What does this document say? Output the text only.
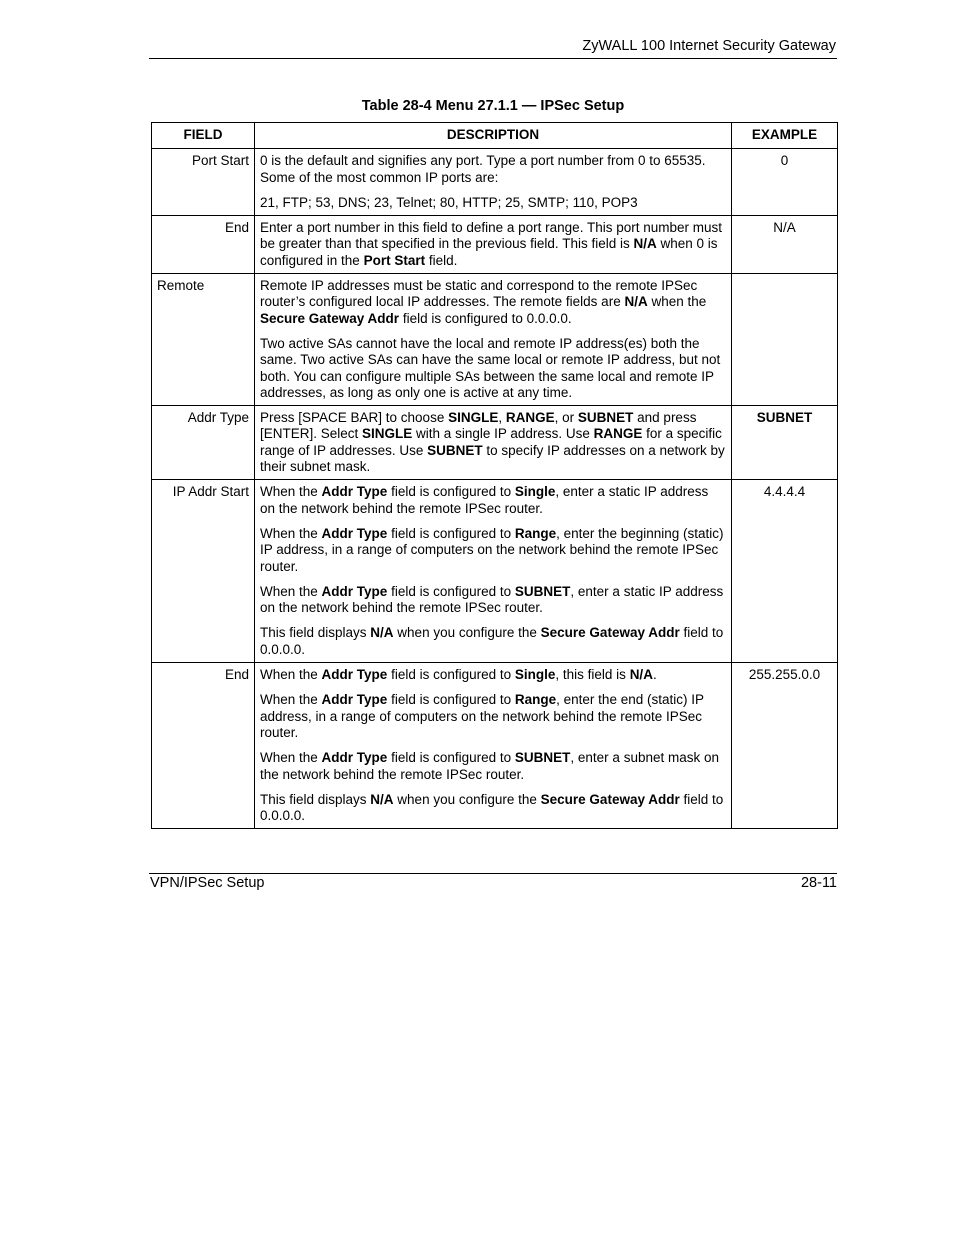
ZyWALL 100 Internet Security Gateway
Table 28-4 Menu 27.1.1 — IPSec Setup
FIELD	DESCRIPTION	EXAMPLE
Port Start	0 is the default and signifies any port. Type a port number from 0 to 65535. Some of the most common IP ports are:
21, FTP; 53, DNS; 23, Telnet; 80, HTTP; 25, SMTP; 110, POP3	0
End	Enter a port number in this field to define a port range. This port number must be greater than that specified in the previous field. This field is N/A when 0 is configured in the Port Start field.	N/A
Remote	Remote IP addresses must be static and correspond to the remote IPSec router’s configured local IP addresses. The remote fields are N/A when the Secure Gateway Addr field is configured to 0.0.0.0.
Two active SAs cannot have the local and remote IP address(es) both the same. Two active SAs can have the same local or remote IP address, but not both. You can configure multiple SAs between the same local and remote IP addresses, as long as only one is active at any time.	

Addr Type	Press [SPACE BAR] to choose SINGLE, RANGE, or SUBNET and press [ENTER]. Select SINGLE with a single IP address. Use RANGE for a specific range of IP addresses. Use SUBNET to specify IP addresses on a network by their subnet mask.	SUBNET
IP Addr Start	When the Addr Type field is configured to Single, enter a static IP address on the network behind the remote IPSec router.
When the Addr Type field is configured to Range, enter the beginning (static) IP address, in a range of computers on the network behind the remote IPSec router.
When the Addr Type field is configured to SUBNET, enter a static IP address on the network behind the remote IPSec router.
This field displays N/A when you configure the Secure Gateway Addr field to 0.0.0.0.	4.4.4.4
End	When the Addr Type field is configured to Single, this field is N/A.
When the Addr Type field is configured to Range, enter the end (static) IP address, in a range of computers on the network behind the remote IPSec router.
When the Addr Type field is configured to SUBNET, enter a subnet mask on the network behind the remote IPSec router.
This field displays N/A when you configure the Secure Gateway Addr field to 0.0.0.0.	255.255.0.0
VPN/IPSec Setup	28-11
